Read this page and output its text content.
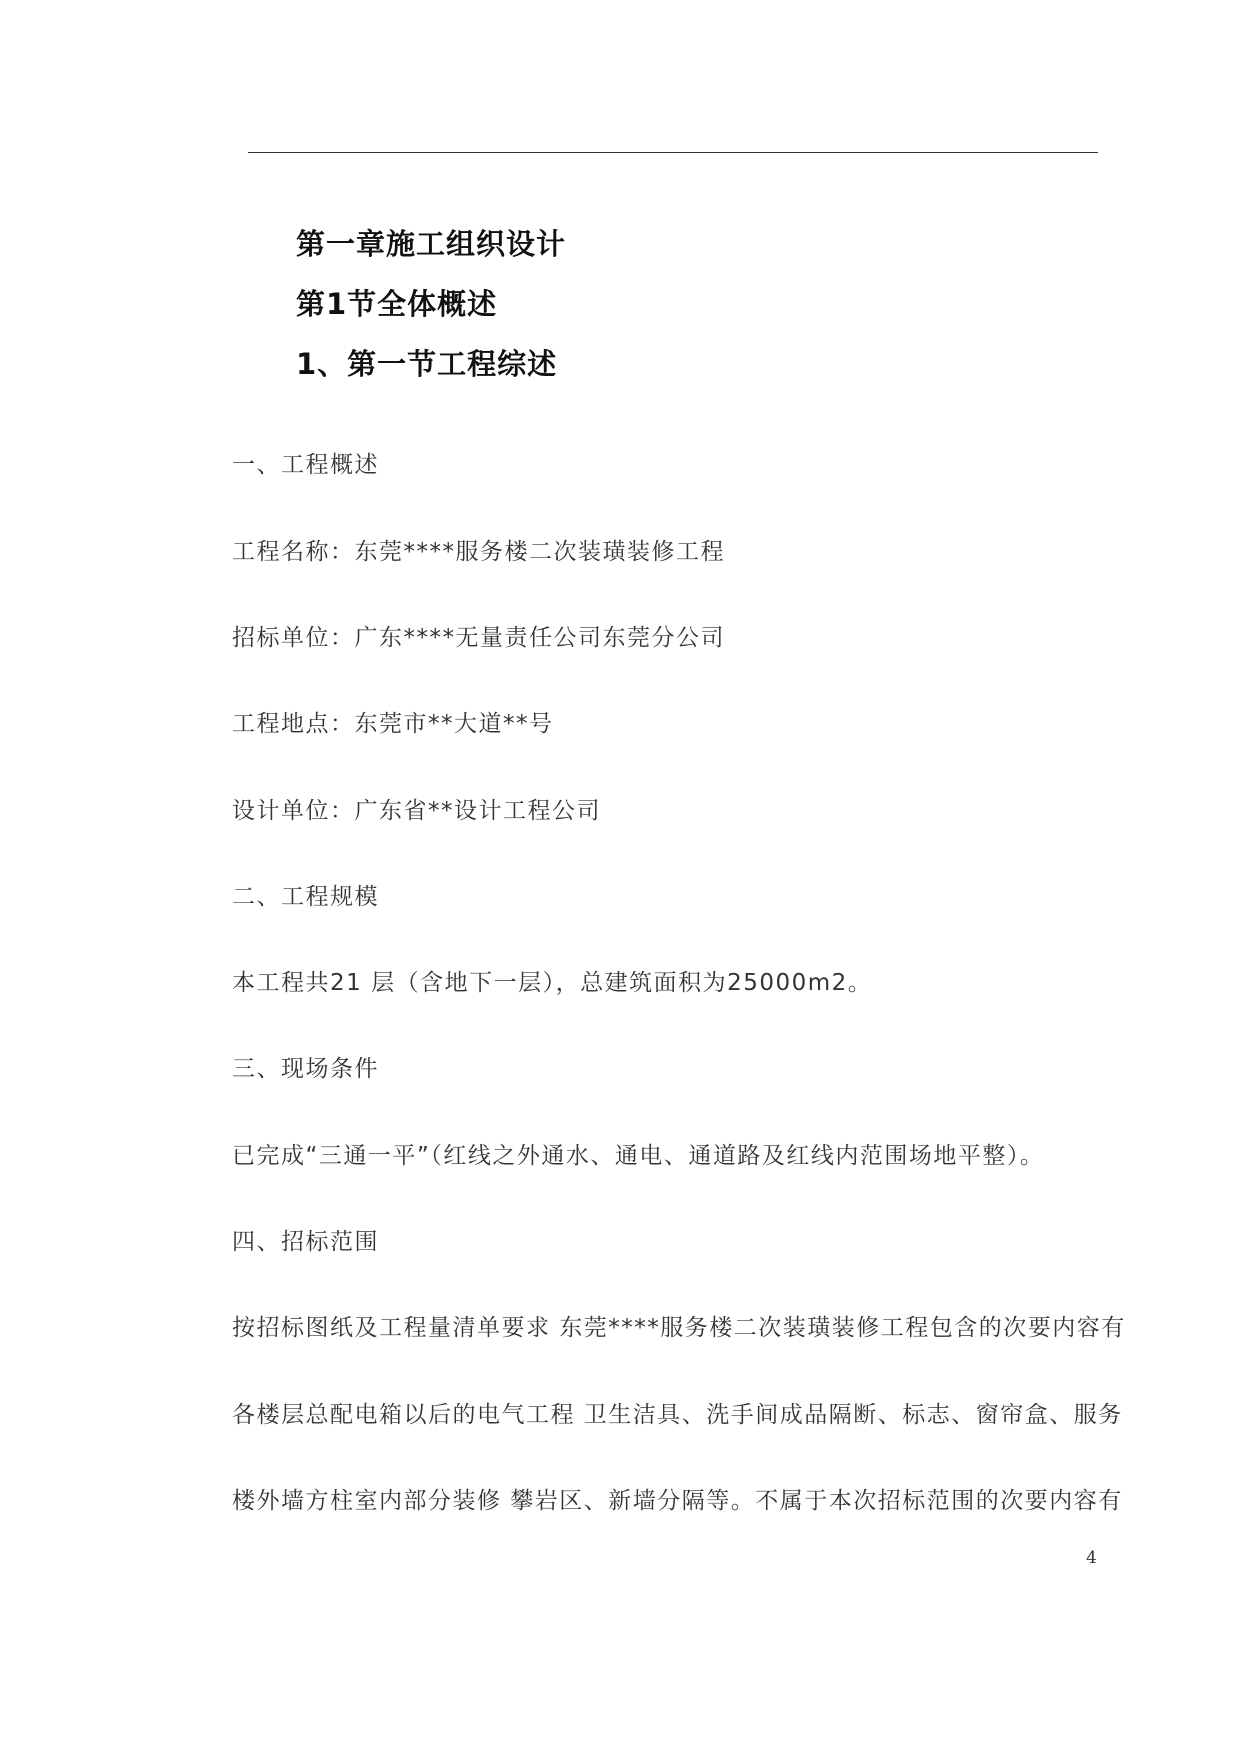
第一章施工组织设计
第1节全体概述
1、第一节工程综述
一、工程概述
工程名称：东莞****服务楼二次装璜装修工程
招标单位：广东****无量责任公司东莞分公司
工程地点：东莞市**大道**号
设计单位：广东省**设计工程公司
二、工程规模
本工程共21 层（含地下一层），总建筑面积为25000m2。
三、现场条件
已完成“三通一平”（红线之外通水、通电、通道路及红线内范围场地平整）。
四、招标范围
按招标图纸及工程量清单要求 东莞****服务楼二次装璜装修工程包含的次要内容有
各楼层总配电箱以后的电气工程 卫生洁具、洗手间成品隔断、标志、窗帘盒、服务
楼外墙方柱室内部分装修 攀岩区、新墙分隔等。不属于本次招标范围的次要内容有
4
